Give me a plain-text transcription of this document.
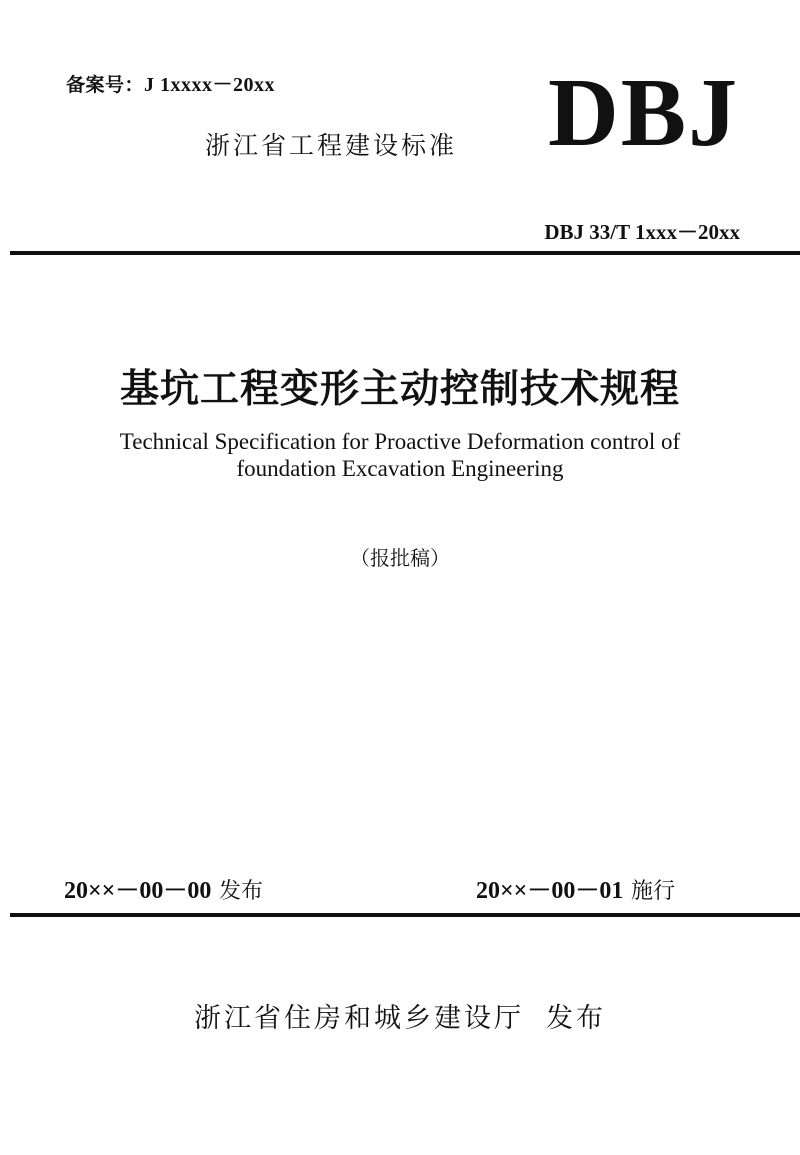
备案号：J 1xxxx－20xx
浙江省工程建设标准 DBJ
DBJ 33/T 1xxx－20xx
基坑工程变形主动控制技术规程
Technical Specification for Proactive Deformation control of
foundation Excavation Engineering
（报批稿）
20××－00－00 发布	20××－00－01 施行
浙江省住房和城乡建设厅 发布
